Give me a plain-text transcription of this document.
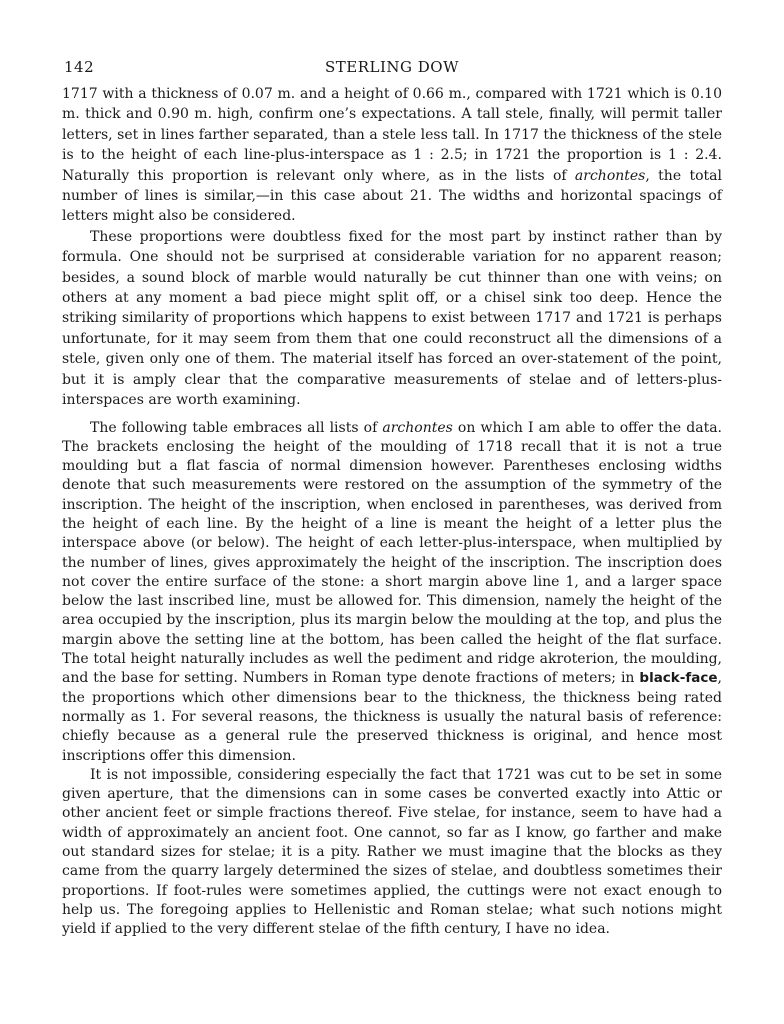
142	STERLING DOW

1717 with a thickness of 0.07 m. and a height of 0.66 m., compared with 1721 which is 0.10 m. thick and 0.90 m. high, confirm one’s expectations. A tall stele, finally, will permit taller letters, set in lines farther separated, than a stele less tall. In 1717 the thickness of the stele is to the height of each line-plus-interspace as 1 : 2.5; in 1721 the proportion is 1 : 2.4. Naturally this proportion is relevant only where, as in the lists of archontes, the total number of lines is similar,—in this case about 21. The widths and horizontal spacings of letters might also be considered.

These proportions were doubtless fixed for the most part by instinct rather than by formula. One should not be surprised at considerable variation for no apparent reason; besides, a sound block of marble would naturally be cut thinner than one with veins; on others at any moment a bad piece might split off, or a chisel sink too deep. Hence the striking similarity of proportions which happens to exist between 1717 and 1721 is perhaps unfortunate, for it may seem from them that one could reconstruct all the dimensions of a stele, given only one of them. The material itself has forced an over-statement of the point, but it is amply clear that the comparative measurements of stelae and of letters-plus-interspaces are worth examining.

The following table embraces all lists of archontes on which I am able to offer the data. The brackets enclosing the height of the moulding of 1718 recall that it is not a true moulding but a flat fascia of normal dimension however. Parentheses enclosing widths denote that such measurements were restored on the assumption of the symmetry of the inscription. The height of the inscription, when enclosed in parentheses, was derived from the height of each line. By the height of a line is meant the height of a letter plus the interspace above (or below). The height of each letter-plus-interspace, when multiplied by the number of lines, gives approximately the height of the inscription. The inscription does not cover the entire surface of the stone: a short margin above line 1, and a larger space below the last inscribed line, must be allowed for. This dimension, namely the height of the area occupied by the inscription, plus its margin below the moulding at the top, and plus the margin above the setting line at the bottom, has been called the height of the flat surface. The total height naturally includes as well the pediment and ridge akroterion, the moulding, and the base for setting. Numbers in Roman type denote fractions of meters; in black-face, the proportions which other dimensions bear to the thickness, the thickness being rated normally as 1. For several reasons, the thickness is usually the natural basis of reference: chiefly because as a general rule the preserved thickness is original, and hence most inscriptions offer this dimension.

It is not impossible, considering especially the fact that 1721 was cut to be set in some given aperture, that the dimensions can in some cases be converted exactly into Attic or other ancient feet or simple fractions thereof. Five stelae, for instance, seem to have had a width of approximately an ancient foot. One cannot, so far as I know, go farther and make out standard sizes for stelae; it is a pity. Rather we must imagine that the blocks as they came from the quarry largely determined the sizes of stelae, and doubtless sometimes their proportions. If foot-rules were sometimes applied, the cuttings were not exact enough to help us. The foregoing applies to Hellenistic and Roman stelae; what such notions might yield if applied to the very different stelae of the fifth century, I have no idea.
